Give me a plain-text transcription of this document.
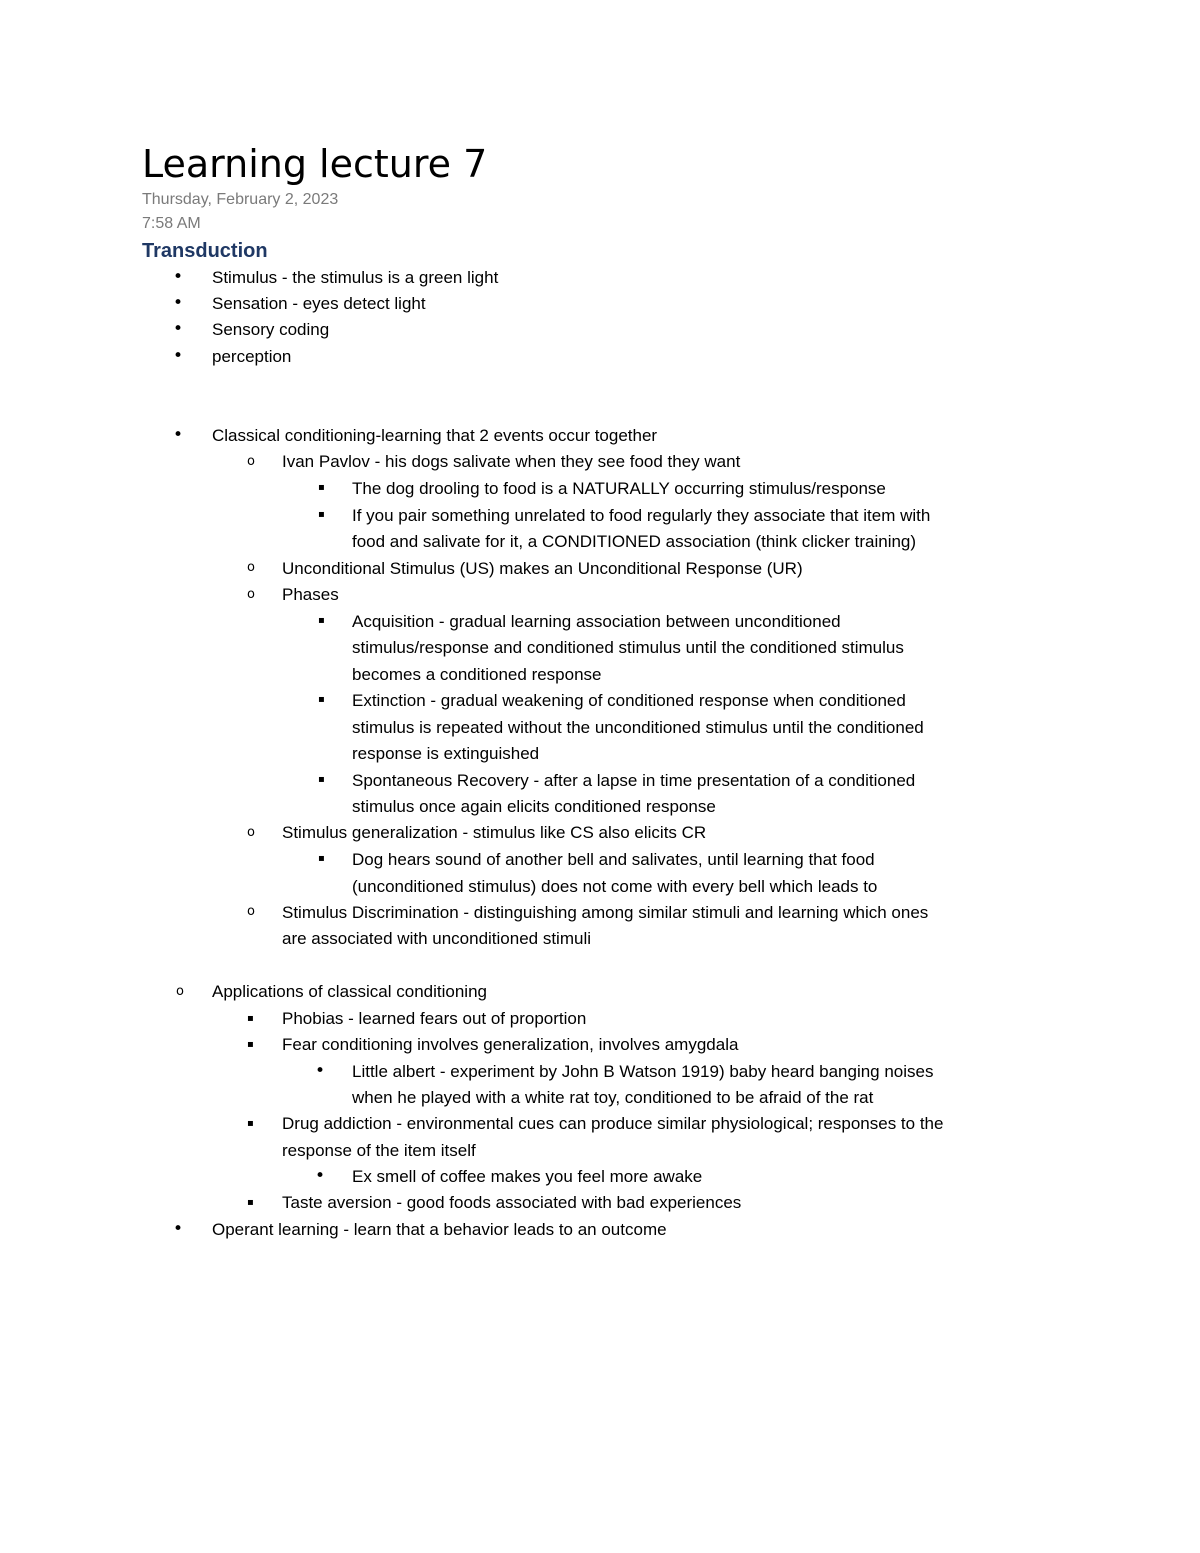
Learning lecture 7
Thursday, February 2, 2023
7:58 AM
Transduction
• Stimulus - the stimulus is a green light
• Sensation - eyes detect light
• Sensory coding
• perception
• Classical conditioning-learning that 2 events occur together
o Ivan Pavlov - his dogs salivate when they see food they want
▪ The dog drooling to food is a NATURALLY occurring stimulus/response
▪ If you pair something unrelated to food regularly they associate that item with
food and salivate for it, a CONDITIONED association (think clicker training)
o Unconditional Stimulus (US) makes an Unconditional Response (UR)
o Phases
▪ Acquisition - gradual learning association between unconditioned
stimulus/response and conditioned stimulus until the conditioned stimulus
becomes a conditioned response
▪ Extinction - gradual weakening of conditioned response when conditioned
stimulus is repeated without the unconditioned stimulus until the conditioned
response is extinguished
▪ Spontaneous Recovery - after a lapse in time presentation of a conditioned
stimulus once again elicits conditioned response
o Stimulus generalization - stimulus like CS also elicits CR
▪ Dog hears sound of another bell and salivates, until learning that food
(unconditioned stimulus) does not come with every bell which leads to
o Stimulus Discrimination - distinguishing among similar stimuli and learning which ones
are associated with unconditioned stimuli
o Applications of classical conditioning
▪ Phobias - learned fears out of proportion
▪ Fear conditioning involves generalization, involves amygdala
• Little albert - experiment by John B Watson 1919) baby heard banging noises
when he played with a white rat toy, conditioned to be afraid of the rat
▪ Drug addiction - environmental cues can produce similar physiological; responses to the
response of the item itself
• Ex smell of coffee makes you feel more awake
▪ Taste aversion - good foods associated with bad experiences
• Operant learning - learn that a behavior leads to an outcome
